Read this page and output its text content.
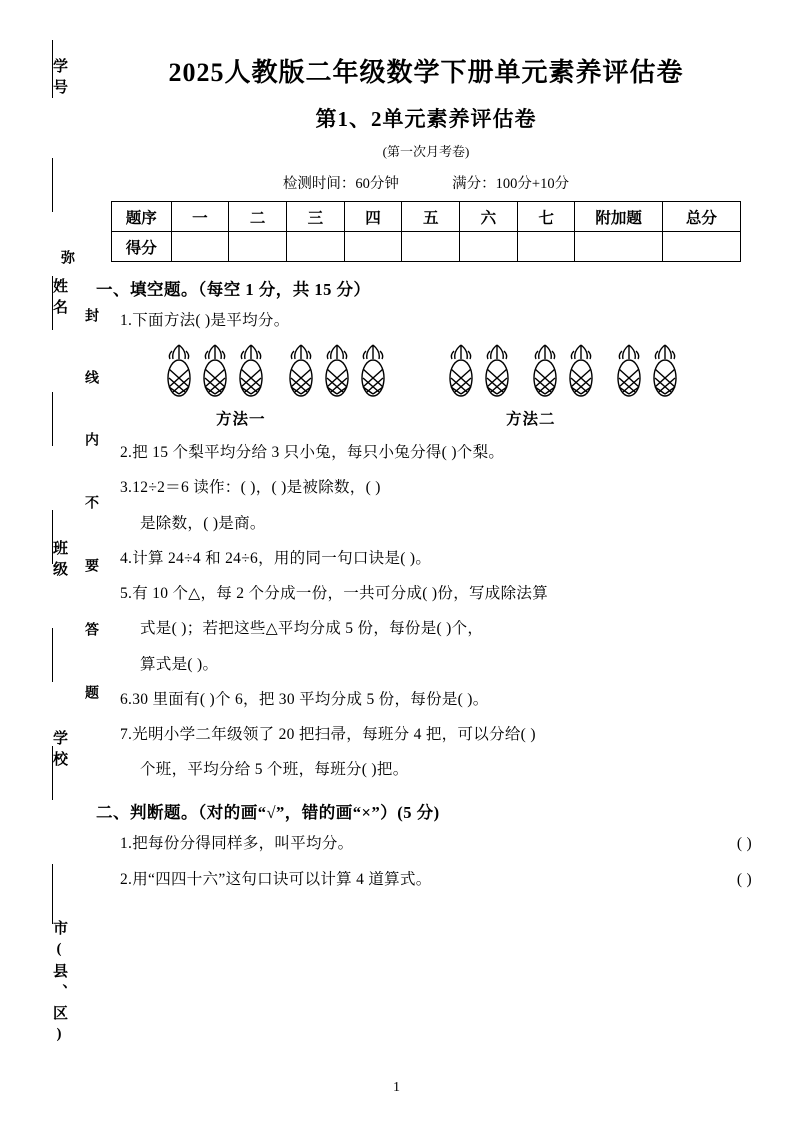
学号
姓名
班级
学校
市(县、区)
弥
封
线
内
不
要
答
题
2025人教版二年级数学下册单元素养评估卷
第1、2单元素养评估卷
(第一次月考卷)
检测时间：60分钟	满分：100分+10分
题序	一	二	三	四	五	六	七	附加题	总分
得分									
一、填空题。（每空 1 分，共 15 分）
1.下面方法( )是平均分。
方法一	方法二
2.把 15 个梨平均分给 3 只小兔，每只小兔分得( )个梨。
3.12÷2＝6 读作：( )，( )是被除数，( )
是除数，( )是商。
4.计算 24÷4 和 24÷6，用的同一句口诀是( )。
5.有 10 个△，每 2 个分成一份，一共可分成( )份，写成除法算
式是( )；若把这些△平均分成 5 份，每份是( )个，
算式是( )。
6.30 里面有( )个 6，把 30 平均分成 5 份，每份是( )。
7.光明小学二年级领了 20 把扫帚，每班分 4 把，可以分给( )
个班，平均分给 5 个班，每班分( )把。
二、判断题。（对的画“√”，错的画“×”）(5 分)
1.把每份分得同样多，叫平均分。	( )
2.用“四四十六”这句口诀可以计算 4 道算式。	( )
1
